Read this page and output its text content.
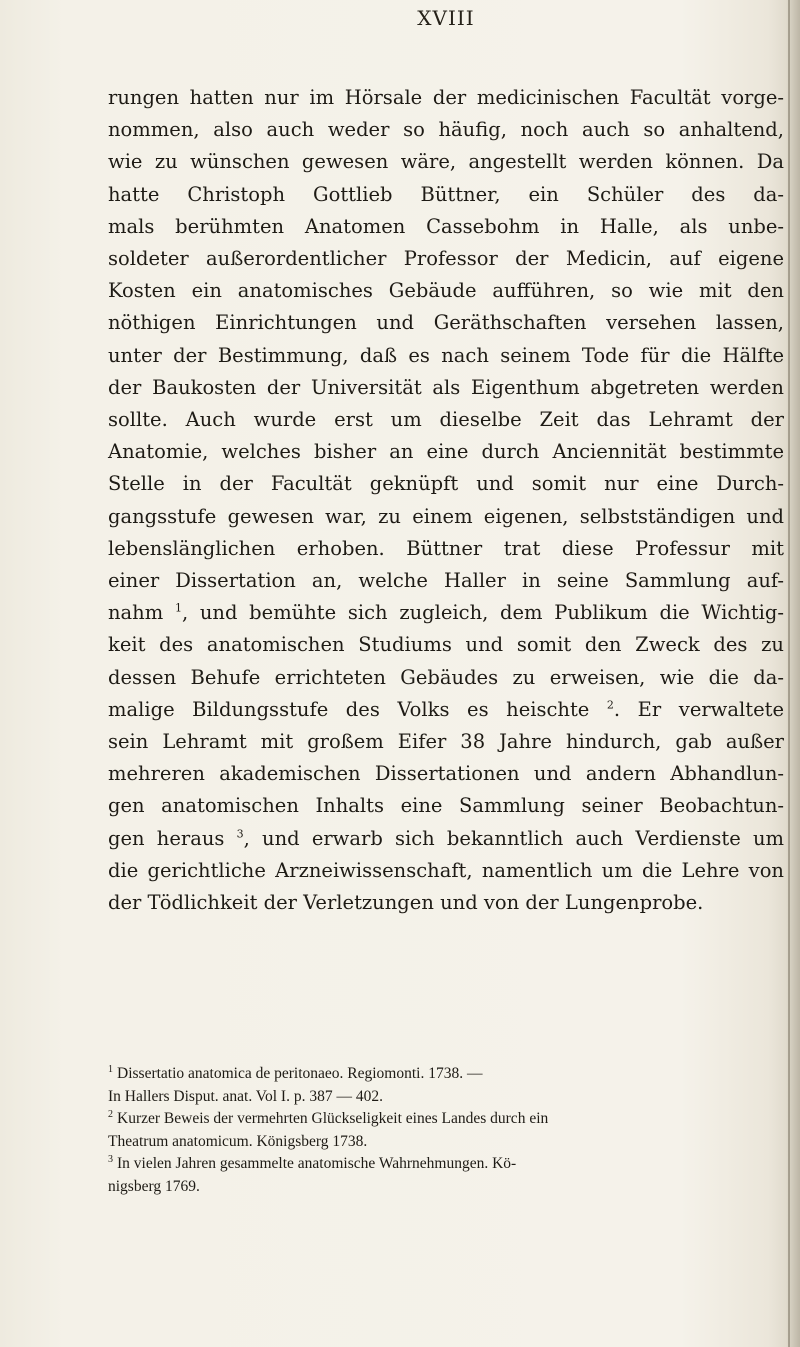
XVIII
rungen hatten nur im Hörsale der medicinischen Facultät vorge-
nommen, also auch weder so häufig, noch auch so anhaltend,
wie zu wünschen gewesen wäre, angestellt werden können. Da
hatte Christoph Gottlieb Büttner, ein Schüler des da-
mals berühmten Anatomen Cassebohm in Halle, als unbe-
soldeter außerordentlicher Professor der Medicin, auf eigene
Kosten ein anatomisches Gebäude aufführen, so wie mit den
nöthigen Einrichtungen und Geräthschaften versehen lassen,
unter der Bestimmung, daß es nach seinem Tode für die Hälfte
der Baukosten der Universität als Eigenthum abgetreten werden
sollte. Auch wurde erst um dieselbe Zeit das Lehramt der
Anatomie, welches bisher an eine durch Anciennität bestimmte
Stelle in der Facultät geknüpft und somit nur eine Durch-
gangsstufe gewesen war, zu einem eigenen, selbstständigen und
lebenslänglichen erhoben. Büttner trat diese Professur mit
einer Dissertation an, welche Haller in seine Sammlung auf-
nahm $^1$, und bemühte sich zugleich, dem Publikum die Wichtig-
keit des anatomischen Studiums und somit den Zweck des zu
dessen Behufe errichteten Gebäudes zu erweisen, wie die da-
malige Bildungsstufe des Volks es heischte $^2$. Er verwaltete
sein Lehramt mit großem Eifer 38 Jahre hindurch, gab außer
mehreren akademischen Dissertationen und andern Abhandlun-
gen anatomischen Inhalts eine Sammlung seiner Beobachtun-
gen heraus $^3$, und erwarb sich bekanntlich auch Verdienste um
die gerichtliche Arzneiwissenschaft, namentlich um die Lehre von
der Tödlichkeit der Verletzungen und von der Lungenprobe.
$^1$ Dissertatio anatomica de peritonaeo. Regiomonti. 1738. —
In Hallers Disput. anat. Vol I. p. 387 — 402.
$^2$ Kurzer Beweis der vermehrten Glückseligkeit eines Landes durch ein
Theatrum anatomicum. Königsberg 1738.
$^3$ In vielen Jahren gesammelte anatomische Wahrnehmungen. Kö-
nigsberg 1769.
